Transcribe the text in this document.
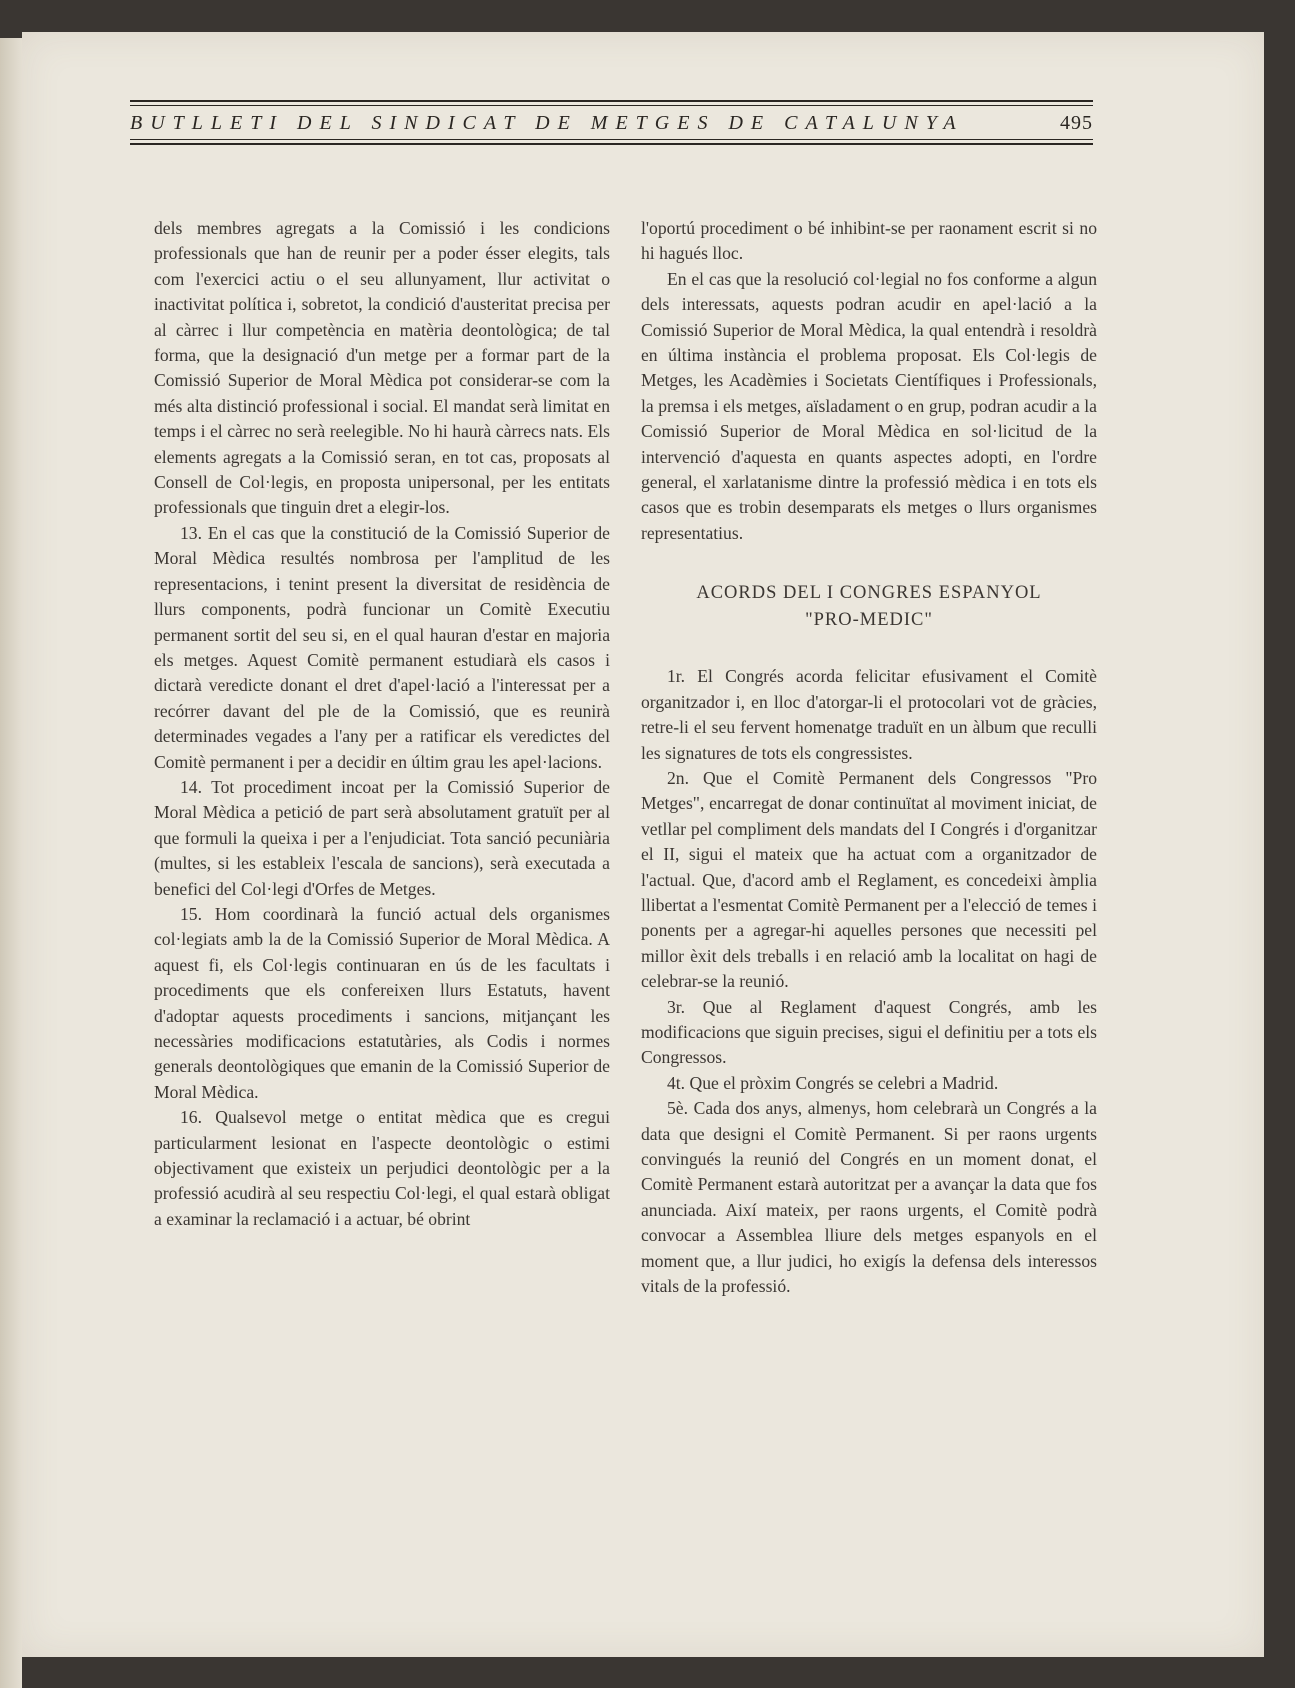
BUTLLETI DEL SINDICAT DE METGES DE CATALUNYA	495

dels membres agregats a la Comissió i les condicions professionals que han de reunir per a poder ésser elegits, tals com l'exercici actiu o el seu allunyament, llur activitat o inactivitat política i, sobretot, la condició d'austeritat precisa per al càrrec i llur competència en matèria deontològica; de tal forma, que la designació d'un metge per a formar part de la Comissió Superior de Moral Mèdica pot considerar-se com la més alta distinció professional i social. El mandat serà limitat en temps i el càrrec no serà reelegible. No hi haurà càrrecs nats. Els elements agregats a la Comissió seran, en tot cas, proposats al Consell de Col·legis, en proposta unipersonal, per les entitats professionals que tinguin dret a elegir-los.

13. En el cas que la constitució de la Comissió Superior de Moral Mèdica resultés nombrosa per l'amplitud de les representacions, i tenint present la diversitat de residència de llurs components, podrà funcionar un Comitè Executiu permanent sortit del seu si, en el qual hauran d'estar en majoria els metges. Aquest Comitè permanent estudiarà els casos i dictarà veredicte donant el dret d'apel·lació a l'interessat per a recórrer davant del ple de la Comissió, que es reunirà determinades vegades a l'any per a ratificar els veredictes del Comitè permanent i per a decidir en últim grau les apel·lacions.

14. Tot procediment incoat per la Comissió Superior de Moral Mèdica a petició de part serà absolutament gratuït per al que formuli la queixa i per a l'enjudiciat. Tota sanció pecuniària (multes, si les estableix l'escala de sancions), serà executada a benefici del Col·legi d'Orfes de Metges.

15. Hom coordinarà la funció actual dels organismes col·legiats amb la de la Comissió Superior de Moral Mèdica. A aquest fi, els Col·legis continuaran en ús de les facultats i procediments que els confereixen llurs Estatuts, havent d'adoptar aquests procediments i sancions, mitjançant les necessàries modificacions estatutàries, als Codis i normes generals deontològiques que emanin de la Comissió Superior de Moral Mèdica.

16. Qualsevol metge o entitat mèdica que es cregui particularment lesionat en l'aspecte deontològic o estimi objectivament que existeix un perjudici deontològic per a la professió acudirà al seu respectiu Col·legi, el qual estarà obligat a examinar la reclamació i a actuar, bé obrint

l'oportú procediment o bé inhibint-se per raonament escrit si no hi hagués lloc.

En el cas que la resolució col·legial no fos conforme a algun dels interessats, aquests podran acudir en apel·lació a la Comissió Superior de Moral Mèdica, la qual entendrà i resoldrà en última instància el problema proposat. Els Col·legis de Metges, les Acadèmies i Societats Científiques i Professionals, la premsa i els metges, aïsladament o en grup, podran acudir a la Comissió Superior de Moral Mèdica en sol·licitud de la intervenció d'aquesta en quants aspectes adopti, en l'ordre general, el xarlatanisme dintre la professió mèdica i en tots els casos que es trobin desemparats els metges o llurs organismes representatius.

ACORDS DEL I CONGRES ESPANYOL
"PRO-MEDIC"

1r. El Congrés acorda felicitar efusivament el Comitè organitzador i, en lloc d'atorgar-li el protocolari vot de gràcies, retre-li el seu fervent homenatge traduït en un àlbum que reculli les signatures de tots els congressistes.

2n. Que el Comitè Permanent dels Congressos "Pro Metges", encarregat de donar continuïtat al moviment iniciat, de vetllar pel compliment dels mandats del I Congrés i d'organitzar el II, sigui el mateix que ha actuat com a organitzador de l'actual. Que, d'acord amb el Reglament, es concedeixi àmplia llibertat a l'esmentat Comitè Permanent per a l'elecció de temes i ponents per a agregar-hi aquelles persones que necessiti pel millor èxit dels treballs i en relació amb la localitat on hagi de celebrar-se la reunió.

3r. Que al Reglament d'aquest Congrés, amb les modificacions que siguin precises, sigui el definitiu per a tots els Congressos.

4t. Que el pròxim Congrés se celebri a Madrid.

5è. Cada dos anys, almenys, hom celebrarà un Congrés a la data que designi el Comitè Permanent. Si per raons urgents convingués la reunió del Congrés en un moment donat, el Comitè Permanent estarà autoritzat per a avançar la data que fos anunciada. Així mateix, per raons urgents, el Comitè podrà convocar a Assemblea lliure dels metges espanyols en el moment que, a llur judici, ho exigís la defensa dels interessos vitals de la professió.
